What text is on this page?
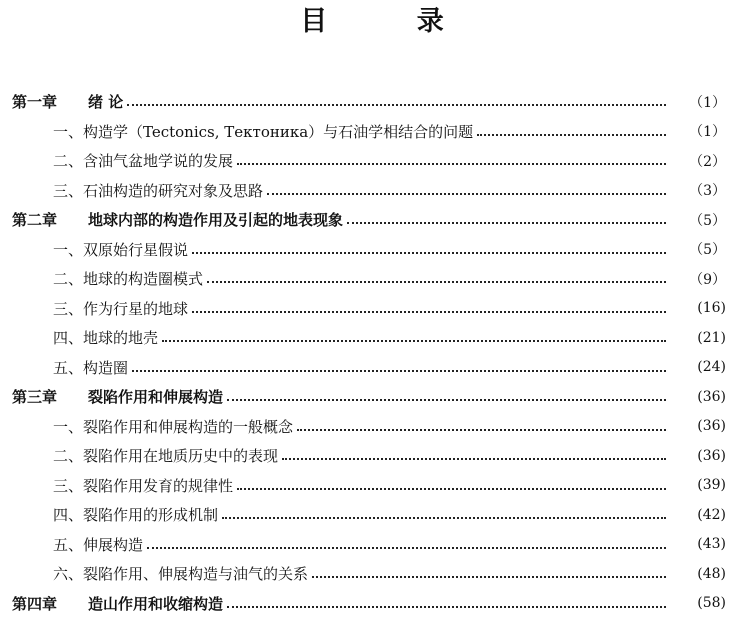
目 录
第一章	绪 论	（1）
一、构造学（Tectonics, Тектоника）与石油学相结合的问题	（1）
二、含油气盆地学说的发展	（2）
三、石油构造的研究对象及思路	（3）
第二章	地球内部的构造作用及引起的地表现象	（5）
一、双原始行星假说	（5）
二、地球的构造圈模式	（9）
三、作为行星的地球	(16)
四、地球的地壳	(21)
五、构造圈	(24)
第三章	裂陷作用和伸展构造	(36)
一、裂陷作用和伸展构造的一般概念	(36)
二、裂陷作用在地质历史中的表现	(36)
三、裂陷作用发育的规律性	(39)
四、裂陷作用的形成机制	(42)
五、伸展构造	(43)
六、裂陷作用、伸展构造与油气的关系	(48)
第四章	造山作用和收缩构造	(58)
